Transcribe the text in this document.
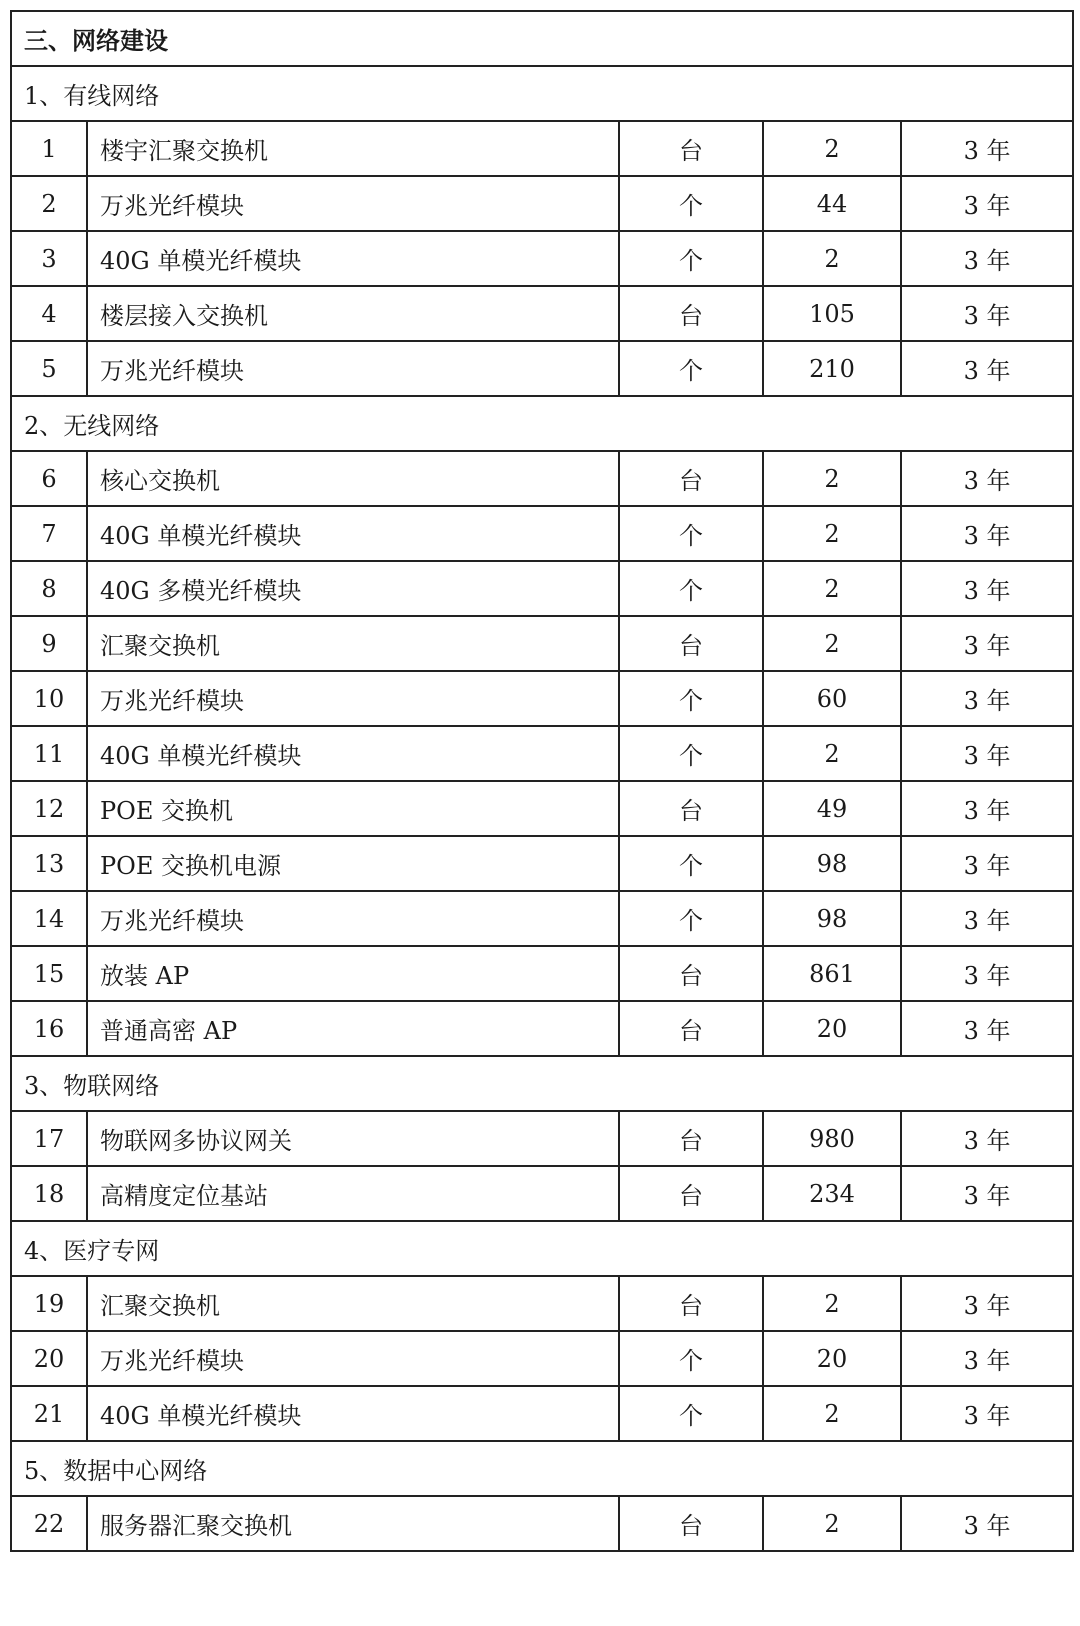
三、网络建设				
1、有线网络				
1	楼宇汇聚交换机	台	2	3 年
2	万兆光纤模块	个	44	3 年
3	40G 单模光纤模块	个	2	3 年
4	楼层接入交换机	台	105	3 年
5	万兆光纤模块	个	210	3 年
2、无线网络				
6	核心交换机	台	2	3 年
7	40G 单模光纤模块	个	2	3 年
8	40G 多模光纤模块	个	2	3 年
9	汇聚交换机	台	2	3 年
10	万兆光纤模块	个	60	3 年
11	40G 单模光纤模块	个	2	3 年
12	POE 交换机	台	49	3 年
13	POE 交换机电源	个	98	3 年
14	万兆光纤模块	个	98	3 年
15	放装 AP	台	861	3 年
16	普通高密 AP	台	20	3 年
3、物联网络				
17	物联网多协议网关	台	980	3 年
18	高精度定位基站	台	234	3 年
4、医疗专网				
19	汇聚交换机	台	2	3 年
20	万兆光纤模块	个	20	3 年
21	40G 单模光纤模块	个	2	3 年
5、数据中心网络				
22	服务器汇聚交换机	台	2	3 年
